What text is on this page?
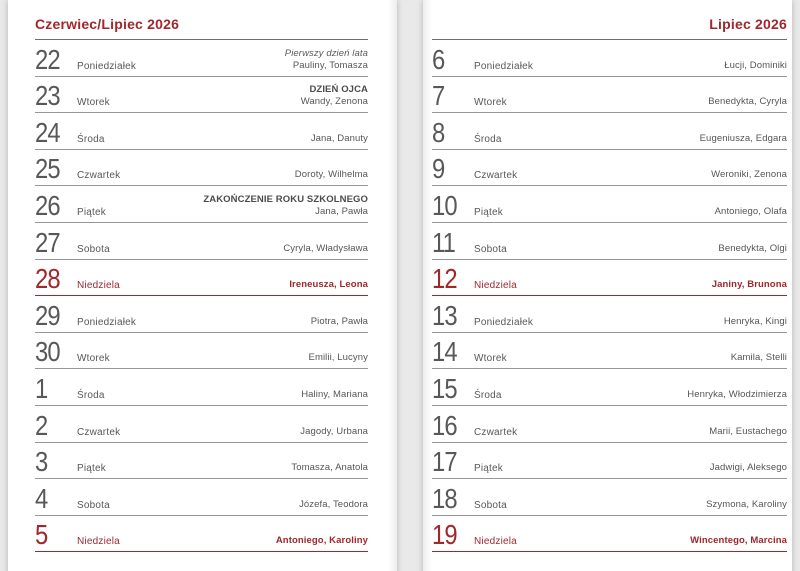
Czerwiec/Lipiec 2026
22	Poniedziałek
Pierwszy dzień lata
Pauliny, Tomasza
23	Wtorek
DZIEŃ OJCA
Wandy, Zenona
24	Środa	Jana, Danuty
25	Czwartek	Doroty, Wilhelma
26	Piątek
ZAKOŃCZENIE ROKU SZKOLNEGO
Jana, Pawła
27	Sobota	Cyryla, Władysława
28	Niedziela	Ireneusza, Leona
29	Poniedziałek	Piotra, Pawła
30	Wtorek	Emilii, Lucyny
1	Środa	Haliny, Mariana
2	Czwartek	Jagody, Urbana
3	Piątek	Tomasza, Anatola
4	Sobota	Józefa, Teodora
5	Niedziela	Antoniego, Karoliny
Lipiec 2026
6	Poniedziałek	Łucji, Dominiki
7	Wtorek	Benedykta, Cyryla
8	Środa	Eugeniusza, Edgara
9	Czwartek	Weroniki, Zenona
10	Piątek	Antoniego, Olafa
11	Sobota	Benedykta, Olgi
12	Niedziela	Janiny, Brunona
13	Poniedziałek	Henryka, Kingi
14	Wtorek	Kamila, Stelli
15	Środa	Henryka, Włodzimierza
16	Czwartek	Marii, Eustachego
17	Piątek	Jadwigi, Aleksego
18	Sobota	Szymona, Karoliny
19	Niedziela	Wincentego, Marcina
